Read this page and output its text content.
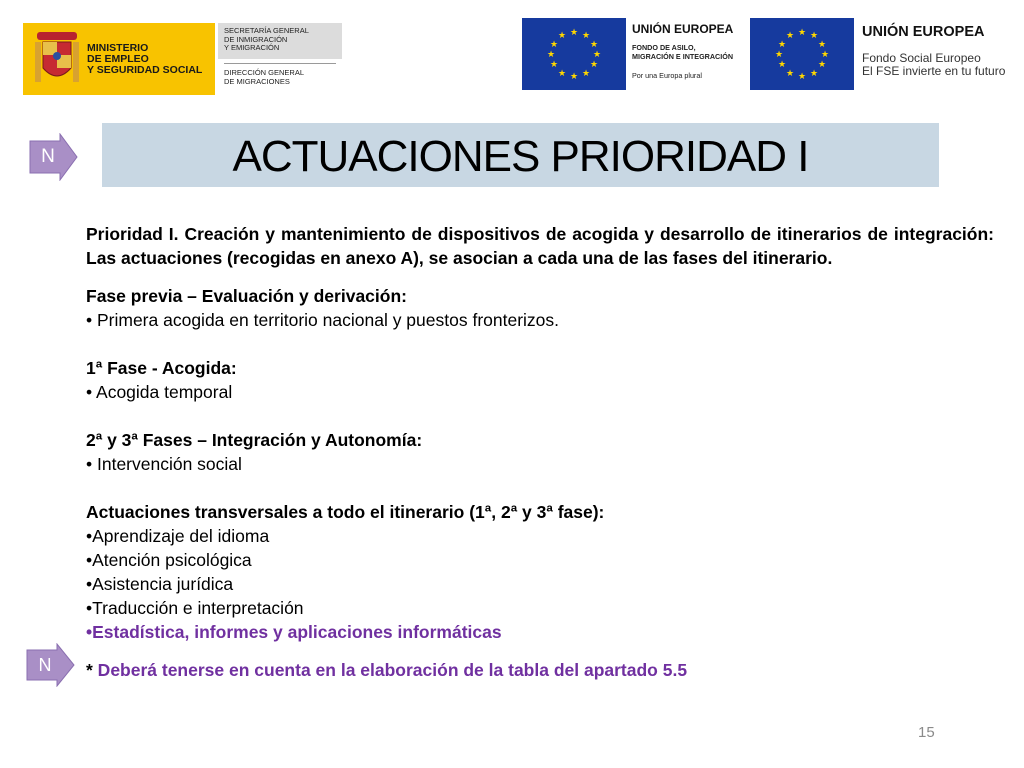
MINISTERIO
DE EMPLEO
Y SEGURIDAD SOCIAL
SECRETARÍA GENERAL
DE INMIGRACIÓN
Y EMIGRACIÓN
DIRECCIÓN GENERAL
DE MIGRACIONES
★ ★
★
★
★
★
★
★
★
★
★
★	UNIÓN EUROPEA
FONDO DE ASILO,
MIGRACIÓN E INTEGRACIÓN
Por una Europa plural
★ ★
★
★
★
★
★
★
★
★
★
★	UNIÓN EUROPEA
Fondo Social Europeo
El FSE invierte en tu futuro
N	ACTUACIONES PRIORIDAD I

Prioridad I. Creación y mantenimiento de dispositivos de acogida y desarrollo de itinerarios de integración: Las actuaciones (recogidas en anexo A), se asocian a cada una de las fases del itinerario.

Fase previa – Evaluación y derivación:

• Primera acogida en territorio nacional y puestos fronterizos.

1ª Fase - Acogida:

• Acogida temporal

2ª y 3ª Fases – Integración y Autonomía:

• Intervención social

Actuaciones transversales a todo el itinerario (1ª, 2ª y 3ª fase):

•Aprendizaje del idioma

•Atención psicológica

•Asistencia jurídica

•Traducción e interpretación

•Estadística, informes y aplicaciones informáticas

* Deberá tenerse en cuenta en la elaboración de la tabla del apartado 5.5

N
15
